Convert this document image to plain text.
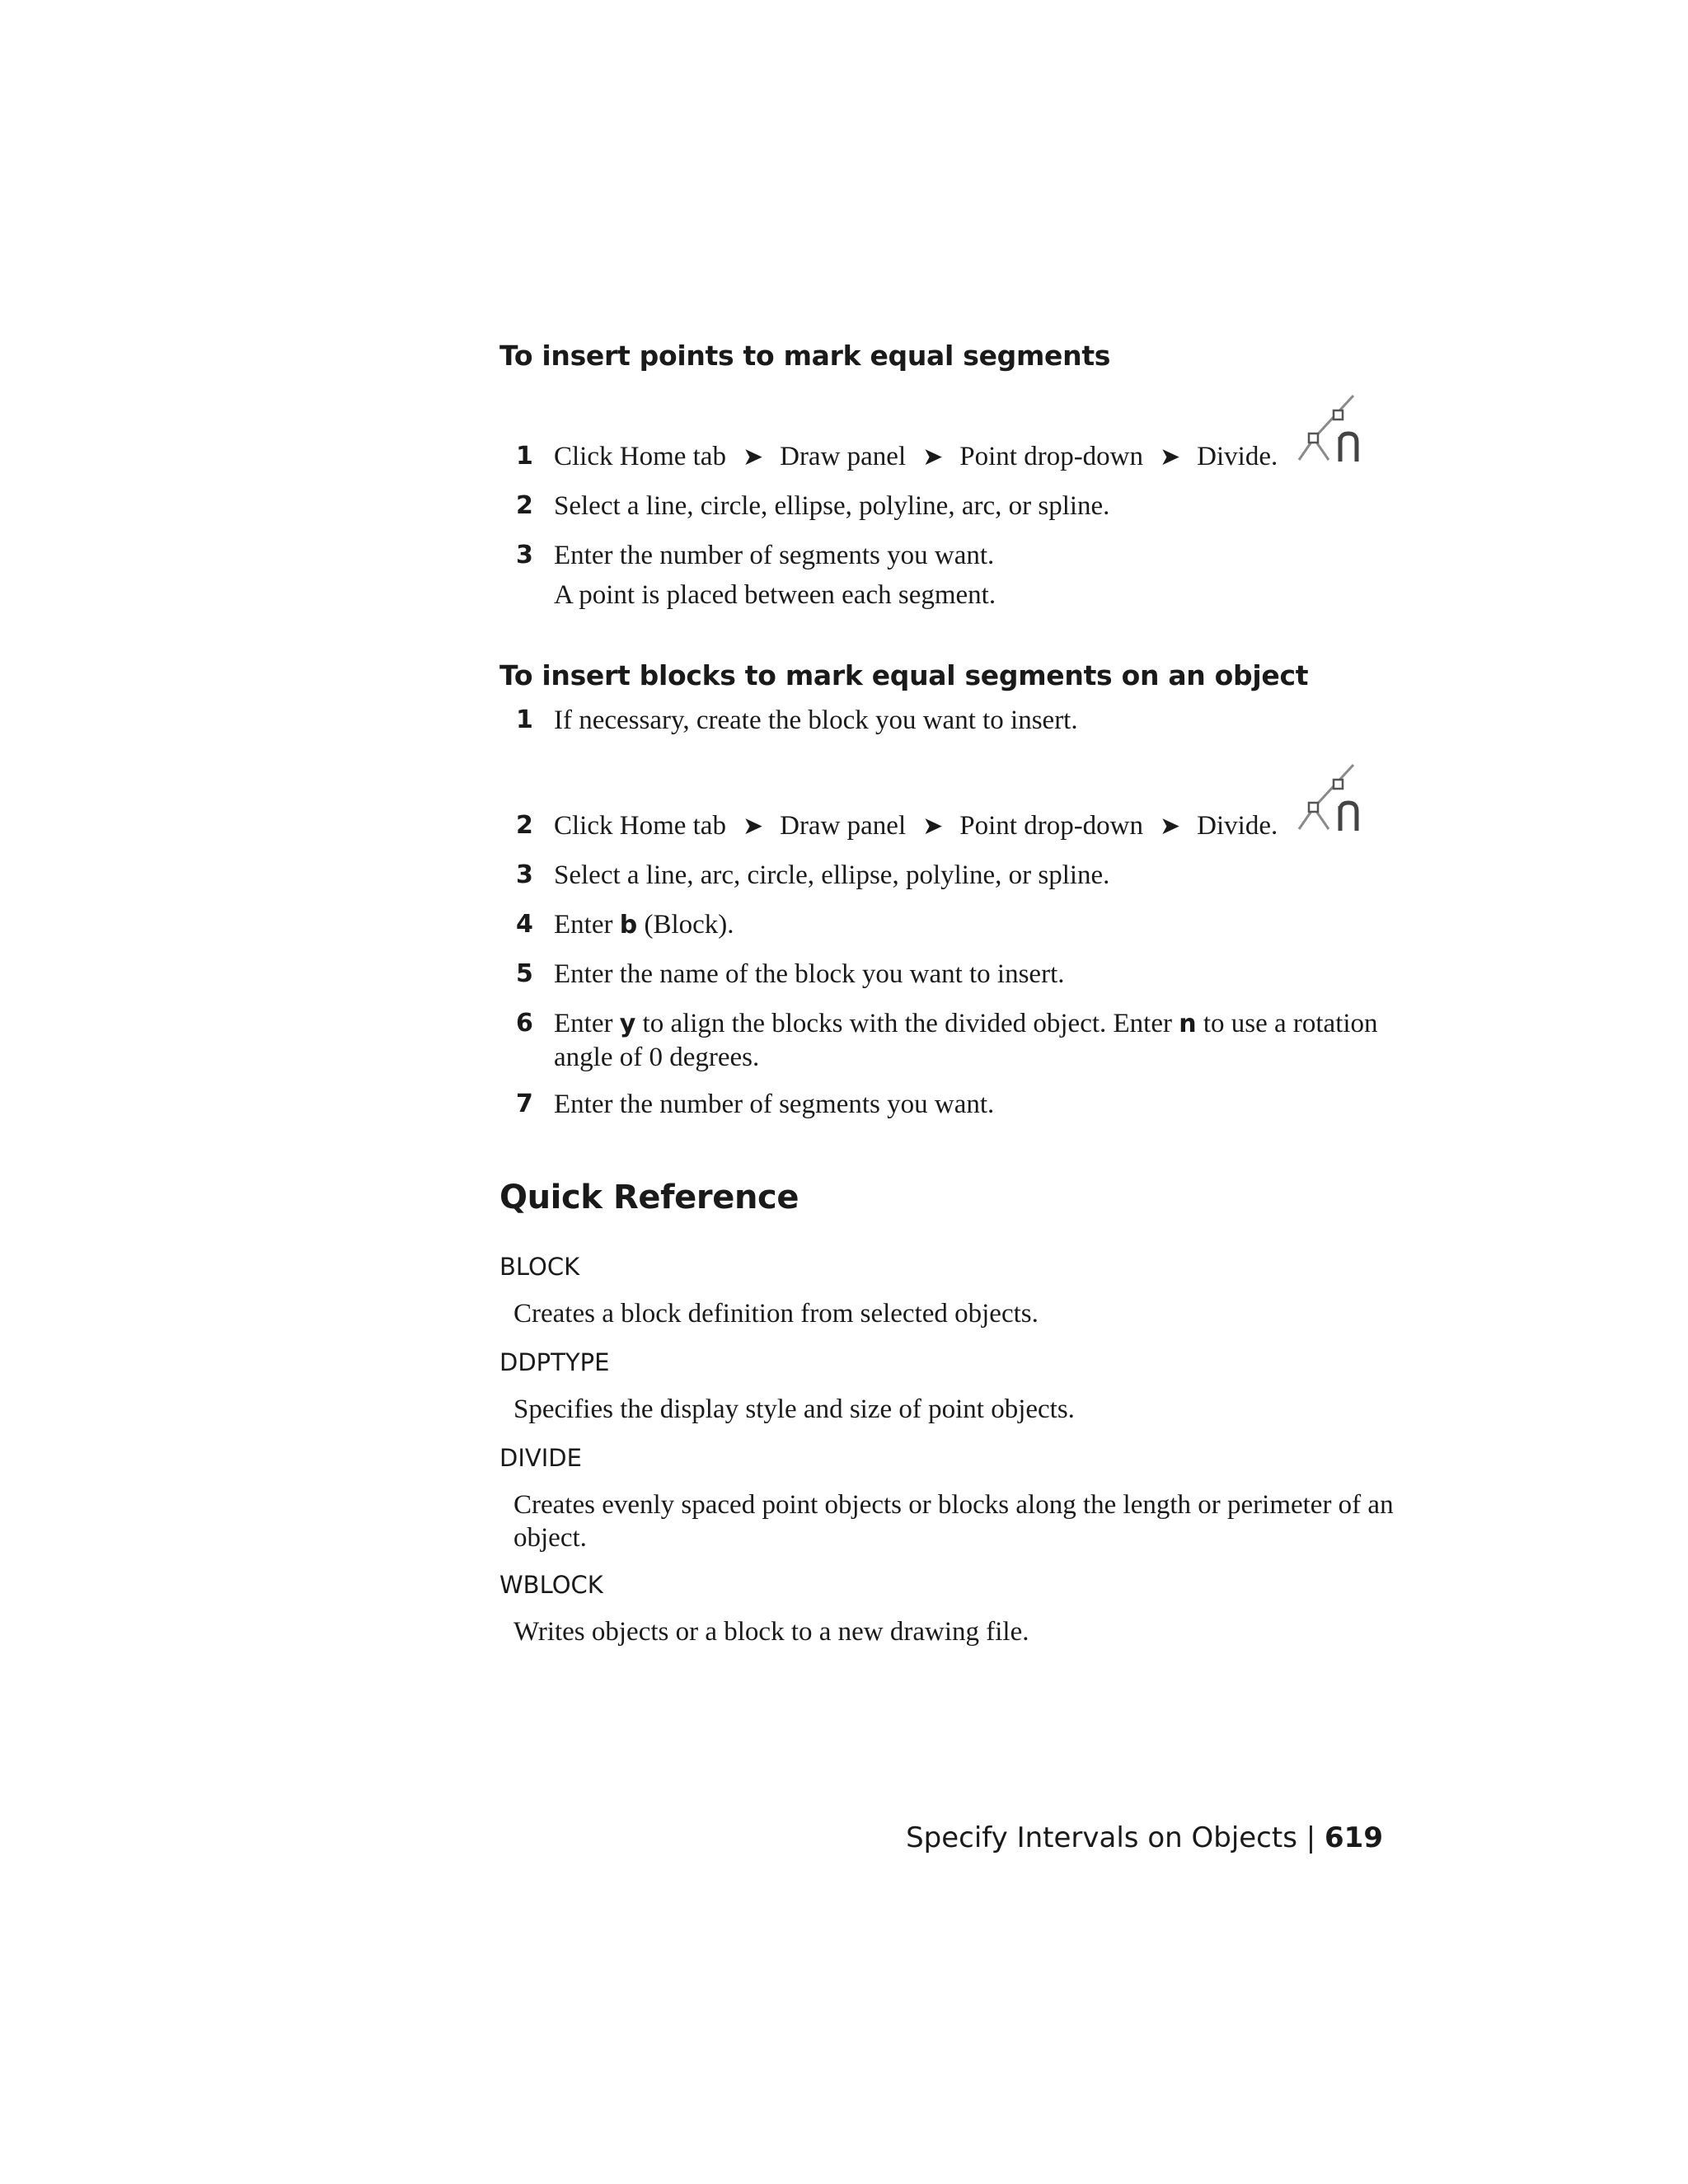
To insert points to mark equal segments
1 Click Home tab ➤ Draw panel ➤ Point drop-down ➤ Divide.
2 Select a line, circle, ellipse, polyline, arc, or spline.
3 Enter the number of segments you want.
A point is placed between each segment.
To insert blocks to mark equal segments on an object
1 If necessary, create the block you want to insert.
2 Click Home tab ➤ Draw panel ➤ Point drop-down ➤ Divide.
3 Select a line, arc, circle, ellipse, polyline, or spline.
4 Enter b (Block).
5 Enter the name of the block you want to insert.
6 Enter y to align the blocks with the divided object. Enter n to use a rotation angle of 0 degrees.
7 Enter the number of segments you want.
Quick Reference
BLOCK
Creates a block definition from selected objects.
DDPTYPE
Specifies the display style and size of point objects.
DIVIDE
Creates evenly spaced point objects or blocks along the length or perimeter of an object.
WBLOCK
Writes objects or a block to a new drawing file.
Specify Intervals on Objects | 619
